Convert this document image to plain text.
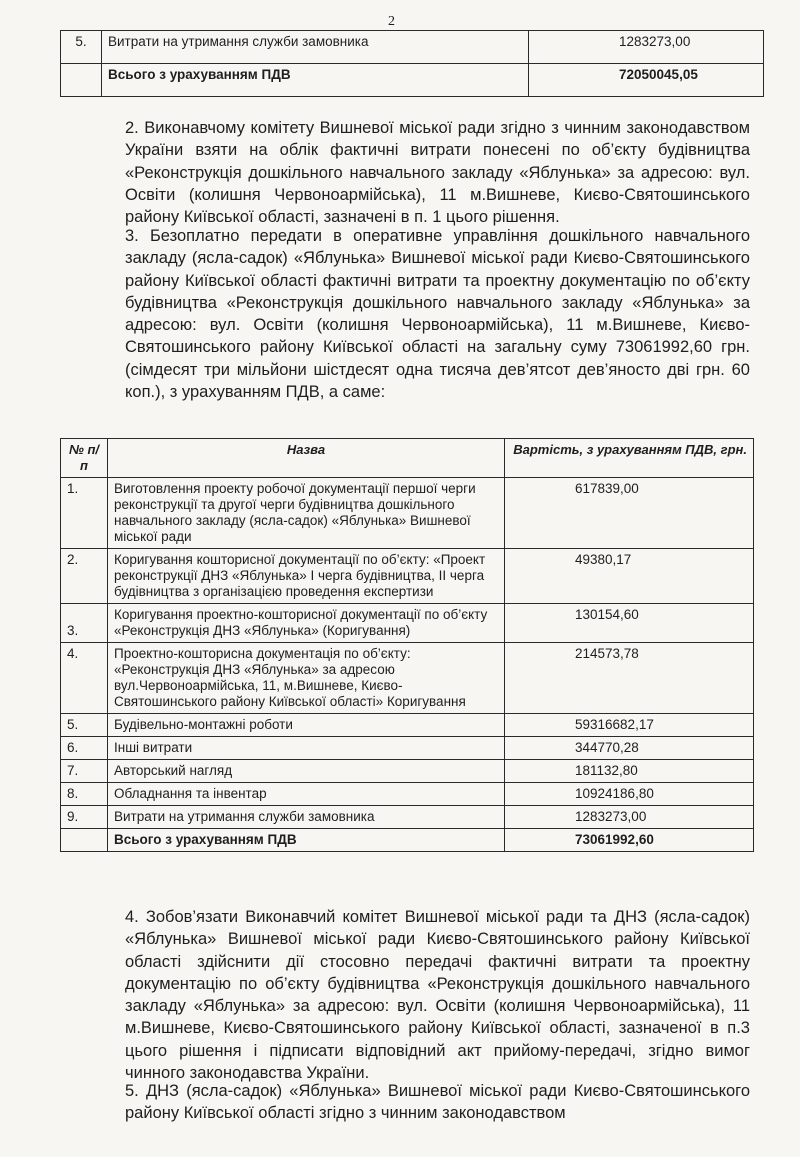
2
5.	Витрати на утримання служби замовника	1283273,00
	Всього з урахуванням ПДВ	72050045,05
2. Виконавчому комітету Вишневої міської ради згідно з чинним законодавством України взяти на облік фактичні витрати понесені по об’єкту будівництва «Реконструкція дошкільного навчального закладу «Яблунька» за адресою: вул. Освіти (колишня Червоноармійська), 11 м.Вишневе, Києво-Святошинського району Київської області, зазначені в п. 1 цього рішення.
3. Безоплатно передати в оперативне управління дошкільного навчального закладу (ясла-садок) «Яблунька» Вишневої міської ради Києво-Святошинського району Київської області фактичні витрати та проектну документацію по об’єкту будівництва «Реконструкція дошкільного навчального закладу «Яблунька» за адресою: вул. Освіти (колишня Червоноармійська), 11 м.Вишневе, Києво-Святошинського району Київської області на загальну суму 73061992,60 грн. (сімдесят три мільйони шістдесят одна тисяча дев’ятсот дев’яносто дві грн. 60 коп.), з урахуванням ПДВ, а саме:
№ п/п	Назва	Вартість, з урахуванням ПДВ, грн.
1.	Виготовлення проекту робочої документації першої черги реконструкції та другої черги будівництва дошкільного навчального закладу (ясла-садок) «Яблунька» Вишневої міської ради	617839,00
2.	Коригування кошторисної документації по об’єкту: «Проект реконструкції ДНЗ «Яблунька» І черга будівництва, ІІ черга будівництва з організацією проведення експертизи	49380,17
3.	Коригування проектно-кошторисної документації по об’єкту «Реконструкція ДНЗ «Яблунька» (Коригування)	130154,60
4.	Проектно-кошторисна документація по об’єкту: «Реконструкція ДНЗ «Яблунька» за адресою вул.Червоноармійська, 11, м.Вишневе, Києво-Святошинського району Київської області» Коригування	214573,78
5.	Будівельно-монтажні роботи	59316682,17
6.	Інші витрати	344770,28
7.	Авторський нагляд	181132,80
8.	Обладнання та інвентар	10924186,80
9.	Витрати на утримання служби замовника	1283273,00
	Всього з урахуванням ПДВ	73061992,60
4. Зобов’язати Виконавчий комітет Вишневої міської ради та ДНЗ (ясла-садок) «Яблунька» Вишневої міської ради Києво-Святошинського району Київської області здійснити дії стосовно передачі фактичні витрати та проектну документацію по об’єкту будівництва «Реконструкція дошкільного навчального закладу «Яблунька» за адресою: вул. Освіти (колишня Червоноармійська), 11 м.Вишневе, Києво-Святошинського району Київської області, зазначеної в п.3 цього рішення і підписати відповідний акт прийому-передачі, згідно вимог чинного законодавства України.
5. ДНЗ (ясла-садок) «Яблунька» Вишневої міської ради Києво-Святошинського району Київської області згідно з чинним законодавством
